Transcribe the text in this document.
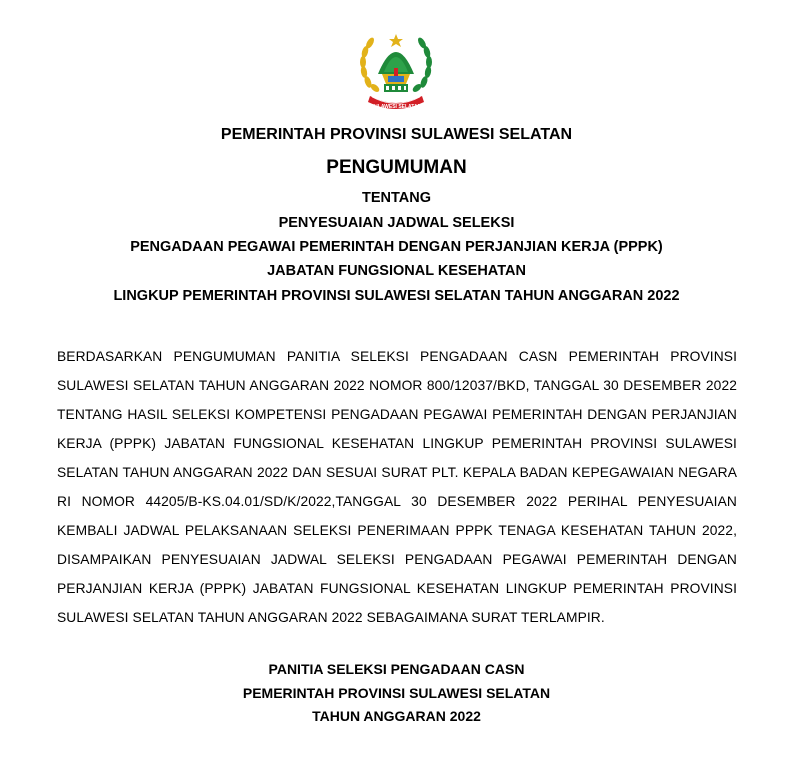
SULAWESI SELATAN
PEMERINTAH PROVINSI SULAWESI SELATAN
PENGUMUMAN
TENTANG
PENYESUAIAN JADWAL SELEKSI
PENGADAAN PEGAWAI PEMERINTAH DENGAN PERJANJIAN KERJA (PPPK)
JABATAN FUNGSIONAL KESEHATAN
LINGKUP PEMERINTAH PROVINSI SULAWESI SELATAN TAHUN ANGGARAN 2022
BERDASARKAN PENGUMUMAN PANITIA SELEKSI PENGADAAN CASN PEMERINTAH PROVINSI SULAWESI SELATAN TAHUN ANGGARAN 2022 NOMOR 800/12037/BKD, TANGGAL 30 DESEMBER 2022 TENTANG HASIL SELEKSI KOMPETENSI PENGADAAN PEGAWAI PEMERINTAH DENGAN PERJANJIAN KERJA (PPPK) JABATAN FUNGSIONAL KESEHATAN LINGKUP PEMERINTAH PROVINSI SULAWESI SELATAN TAHUN ANGGARAN 2022 DAN SESUAI SURAT PLT. KEPALA BADAN KEPEGAWAIAN NEGARA RI NOMOR 44205/B-KS.04.01/SD/K/2022,TANGGAL 30 DESEMBER 2022 PERIHAL PENYESUAIAN KEMBALI JADWAL PELAKSANAAN SELEKSI PENERIMAAN PPPK TENAGA KESEHATAN TAHUN 2022, DISAMPAIKAN PENYESUAIAN JADWAL SELEKSI PENGADAAN PEGAWAI PEMERINTAH DENGAN PERJANJIAN KERJA (PPPK) JABATAN FUNGSIONAL KESEHATAN LINGKUP PEMERINTAH PROVINSI SULAWESI SELATAN TAHUN ANGGARAN 2022 SEBAGAIMANA SURAT TERLAMPIR.
PANITIA SELEKSI PENGADAAN CASN
PEMERINTAH PROVINSI SULAWESI SELATAN
TAHUN ANGGARAN 2022
